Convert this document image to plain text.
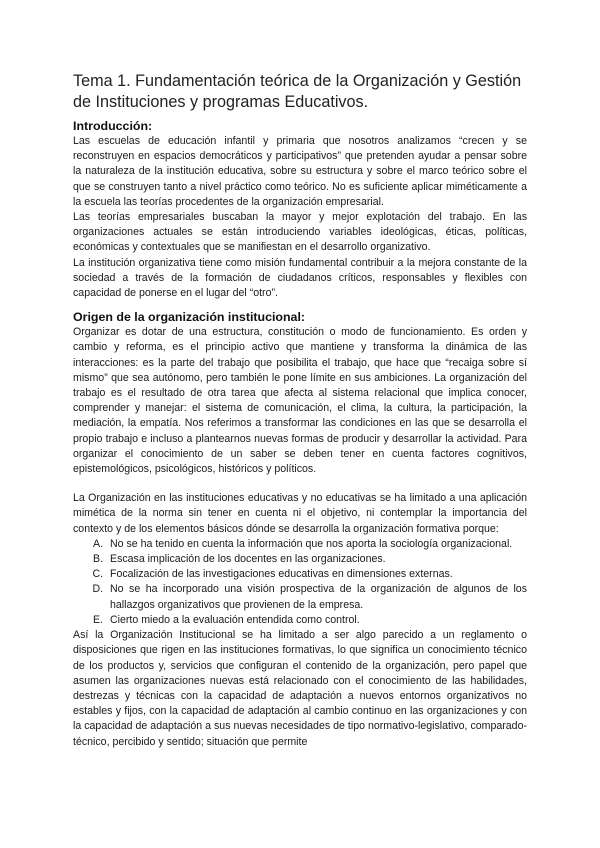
Tema 1. Fundamentación teórica de la Organización y Gestión de Instituciones y programas Educativos.
Introducción:

Las escuelas de educación infantil y primaria que nosotros analizamos “crecen y se reconstruyen en espacios democráticos y participativos” que pretenden ayudar a pensar sobre la naturaleza de la institución educativa, sobre su estructura y sobre el marco teórico sobre el que se construyen tanto a nivel práctico como teórico. No es suficiente aplicar miméticamente a la escuela las teorías procedentes de la organización empresarial.

Las teorías empresariales buscaban la mayor y mejor explotación del trabajo. En las organizaciones actuales se están introduciendo variables ideológicas, éticas, políticas, económicas y contextuales que se manifiestan en el desarrollo organizativo.

La institución organizativa tiene como misión fundamental contribuir a la mejora constante de la sociedad a través de la formación de ciudadanos críticos, responsables y flexibles con capacidad de ponerse en el lugar del “otro”.

Origen de la organización institucional:

Organizar es dotar de una estructura, constitución o modo de funcionamiento. Es orden y cambio y reforma, es el principio activo que mantiene y transforma la dinámica de las interacciones: es la parte del trabajo que posibilita el trabajo, que hace que “recaiga sobre sí mismo” que sea autónomo, pero también le pone límite en sus ambiciones. La organización del trabajo es el resultado de otra tarea que afecta al sistema relacional que implica conocer, comprender y manejar: el sistema de comunicación, el clima, la cultura, la participación, la mediación, la empatía. Nos referimos a transformar las condiciones en las que se desarrolla el propio trabajo e incluso a plantearnos nuevas formas de producir y desarrollar la actividad. Para organizar el conocimiento de un saber se deben tener en cuenta factores cognitivos, epistemológicos, psicológicos, históricos y políticos.

La Organización en las instituciones educativas y no educativas se ha limitado a una aplicación mimética de la norma sin tener en cuenta ni el objetivo, ni contemplar la importancia del contexto y de los elementos básicos dónde se desarrolla la organización formativa porque:

A. No se ha tenido en cuenta la información que nos aporta la sociología organizacional.
B. Escasa implicación de los docentes en las organizaciones.
C. Focalización de las investigaciones educativas en dimensiones externas.
D. No se ha incorporado una visión prospectiva de la organización de algunos de los hallazgos organizativos que provienen de la empresa.
E. Cierto miedo a la evaluación entendida como control.

Así la Organización Institucional se ha limitado a ser algo parecido a un reglamento o disposiciones que rigen en las instituciones formativas, lo que significa un conocimiento técnico de los productos y, servicios que configuran el contenido de la organización, pero papel que asumen las organizaciones nuevas está relacionado con el conocimiento de las habilidades, destrezas y técnicas con la capacidad de adaptación a nuevos entornos organizativos no estables y fijos, con la capacidad de adaptación al cambio continuo en las organizaciones y con la capacidad de adaptación a sus nuevas necesidades de tipo normativo-legislativo, comparado-técnico, percibido y sentido; situación que permite
